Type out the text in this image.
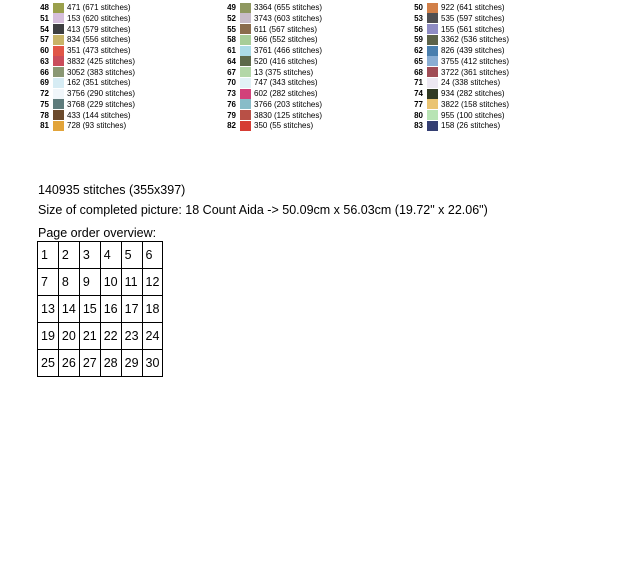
48 471 (671 stitches)	49 3364 (655 stitches)	50 922 (641 stitches)
51 153 (620 stitches)	52 3743 (603 stitches)	53 535 (597 stitches)
54 413 (579 stitches)	55 611 (567 stitches)	56 155 (561 stitches)
57 834 (556 stitches)	58 966 (552 stitches)	59 3362 (536 stitches)
60 351 (473 stitches)	61 3761 (466 stitches)	62 826 (439 stitches)
63 3832 (425 stitches)	64 520 (416 stitches)	65 3755 (412 stitches)
66 3052 (383 stitches)	67 13 (375 stitches)	68 3722 (361 stitches)
69 162 (351 stitches)	70 747 (343 stitches)	71 24 (338 stitches)
72 3756 (290 stitches)	73 602 (282 stitches)	74 934 (282 stitches)
75 3768 (229 stitches)	76 3766 (203 stitches)	77 3822 (158 stitches)
78 433 (144 stitches)	79 3830 (125 stitches)	80 955 (100 stitches)
81 728 (93 stitches)	82 350 (55 stitches)	83 158 (26 stitches)
140935 stitches (355x397)
Size of completed picture: 18 Count Aida -> 50.09cm x 56.03cm (19.72" x 22.06")
Page order overview:
1	2	3	4	5	6
7	8	9	10	11	12
13	14	15	16	17	18
19	20	21	22	23	24
25	26	27	28	29	30
